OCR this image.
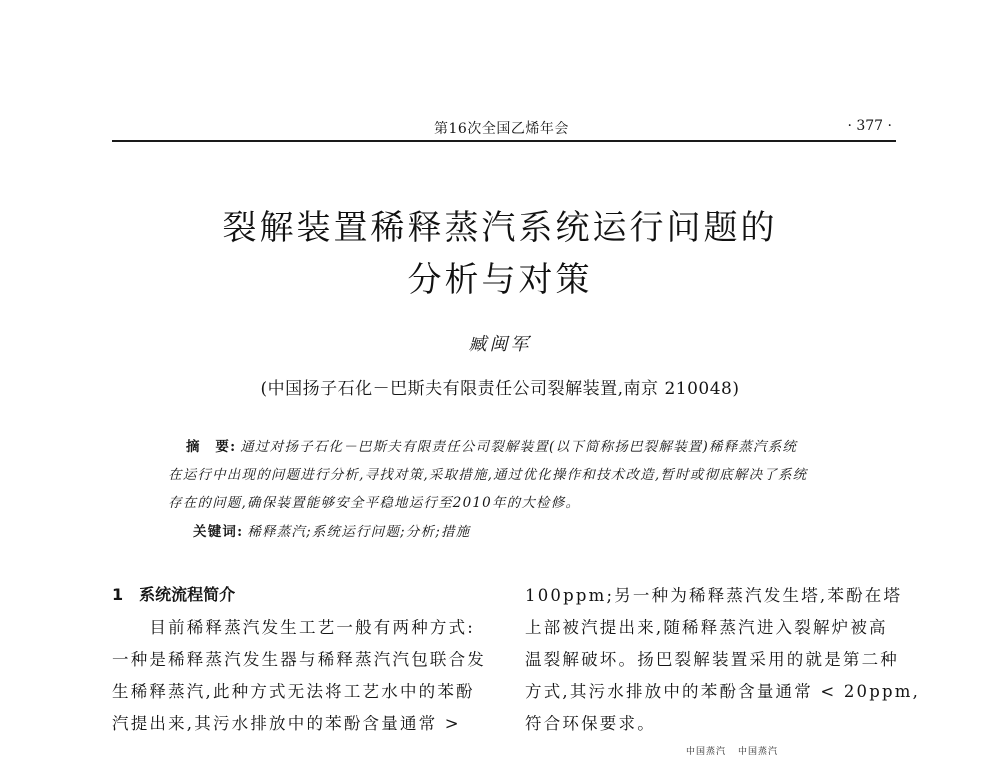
第16次全国乙烯年会	· 377 ·
裂解装置稀释蒸汽系统运行问题的
分析与对策
臧闽军
(中国扬子石化－巴斯夫有限责任公司裂解装置,南京 210048)
摘　要: 通过对扬子石化－巴斯夫有限责任公司裂解装置(以下简称扬巴裂解装置)稀释蒸汽系统
在运行中出现的问题进行分析,寻找对策,采取措施,通过优化操作和技术改造,暂时或彻底解决了系统
存在的问题,确保装置能够安全平稳地运行至2010年的大检修。
关键词: 稀释蒸汽;系统运行问题;分析;措施
1 系统流程简介
　　目前稀释蒸汽发生工艺一般有两种方式:
一种是稀释蒸汽发生器与稀释蒸汽汽包联合发
生稀释蒸汽,此种方式无法将工艺水中的苯酚
汽提出来,其污水排放中的苯酚含量通常 >
100ppm;另一种为稀释蒸汽发生塔,苯酚在塔
上部被汽提出来,随稀释蒸汽进入裂解炉被高
温裂解破坏。扬巴裂解装置采用的就是第二种
方式,其污水排放中的苯酚含量通常 < 20ppm,
符合环保要求。
中国蒸汽 中国蒸汽
